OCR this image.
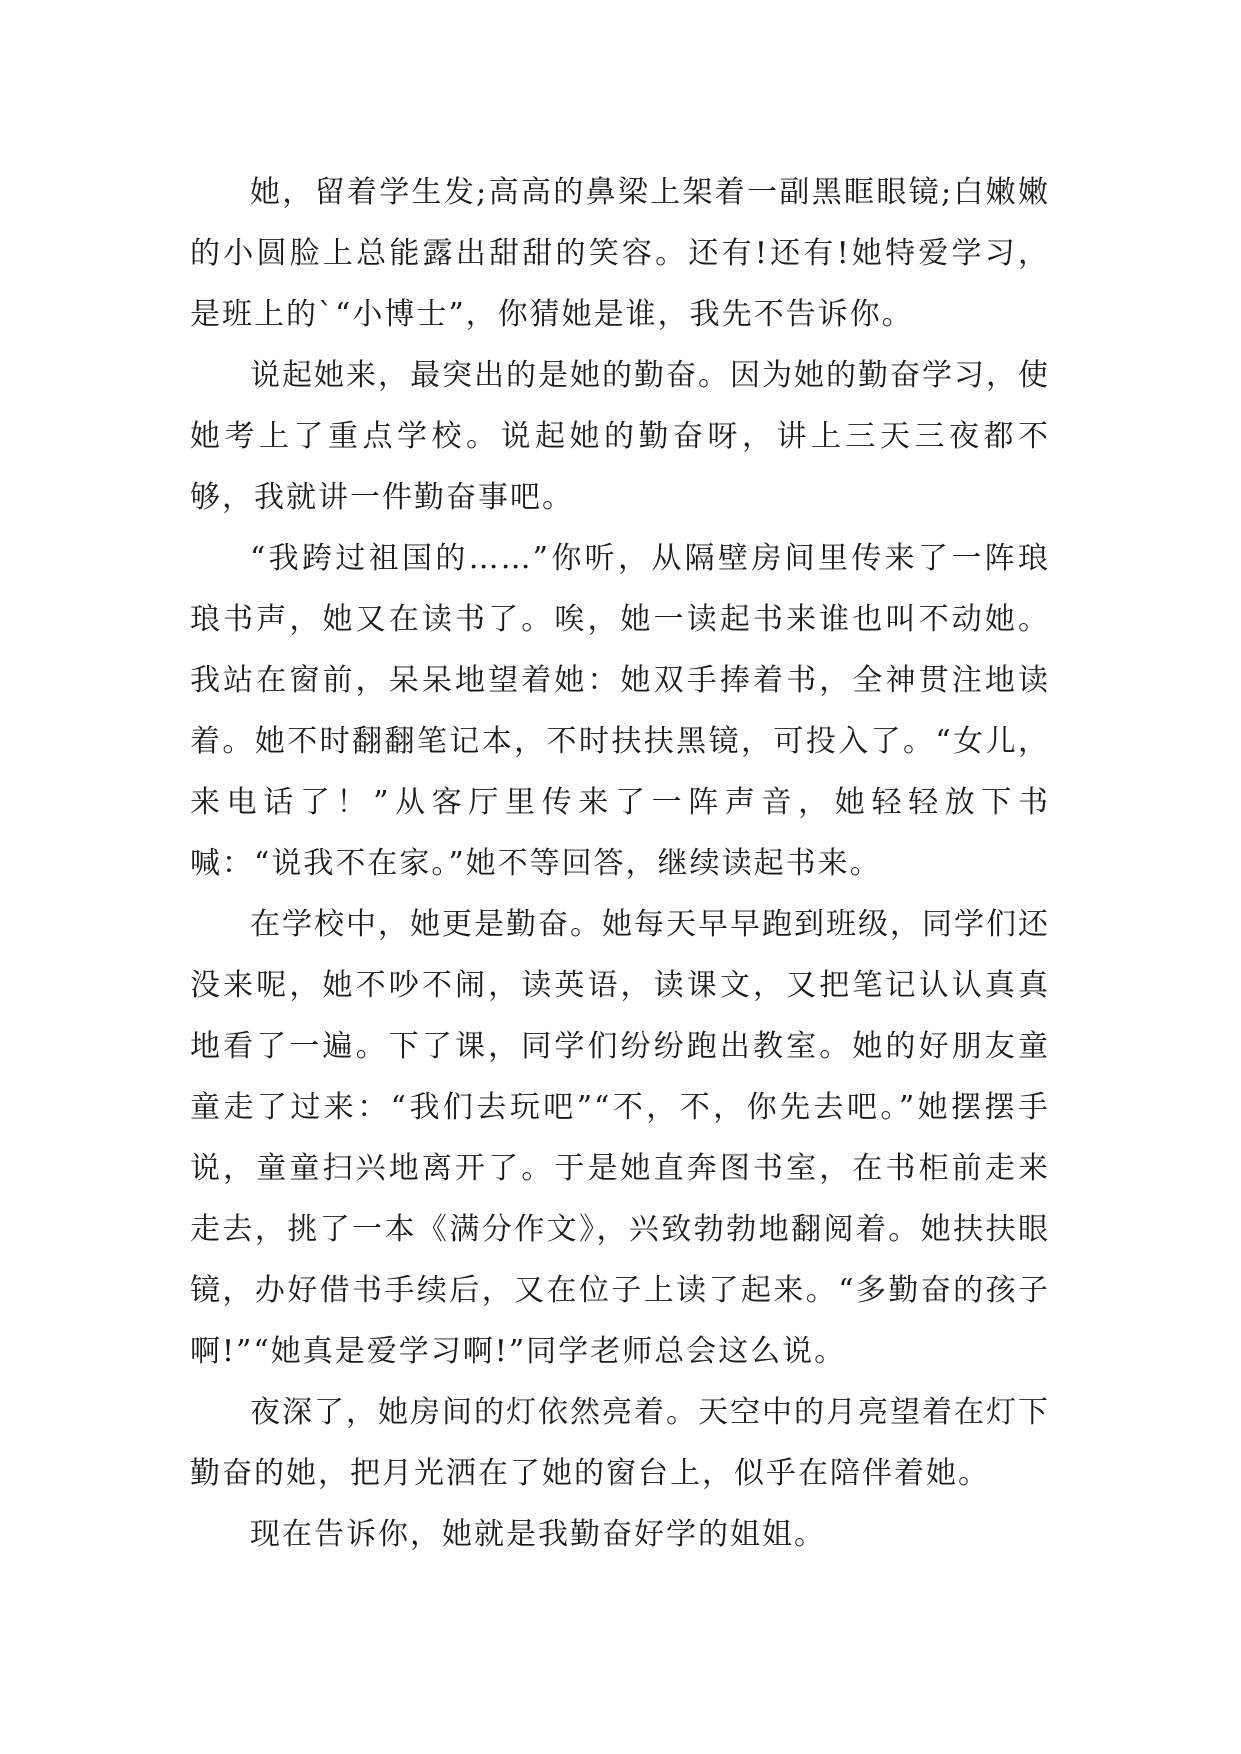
她，留着学生发;高高的鼻梁上架着一副黑眶眼镜;白嫩嫩的小圆脸上总能露出甜甜的笑容。还有!还有!她特爱学习，是班上的`“小博士”，你猜她是谁，我先不告诉你。

说起她来，最突出的是她的勤奋。因为她的勤奋学习，使她考上了重点学校。说起她的勤奋呀，讲上三天三夜都不够，我就讲一件勤奋事吧。

“我跨过祖国的……”你听，从隔壁房间里传来了一阵琅琅书声，她又在读书了。唉，她一读起书来谁也叫不动她。我站在窗前，呆呆地望着她：她双手捧着书，全神贯注地读着。她不时翻翻笔记本，不时扶扶黑镜，可投入了。“女儿，来电话了！”从客厅里传来了一阵声音，她轻轻放下书喊：“说我不在家。”她不等回答，继续读起书来。

在学校中，她更是勤奋。她每天早早跑到班级，同学们还没来呢，她不吵不闹，读英语，读课文，又把笔记认认真真地看了一遍。下了课，同学们纷纷跑出教室。她的好朋友童童走了过来：“我们去玩吧”“不，不，你先去吧。”她摆摆手说，童童扫兴地离开了。于是她直奔图书室，在书柜前走来走去，挑了一本《满分作文》，兴致勃勃地翻阅着。她扶扶眼镜，办好借书手续后，又在位子上读了起来。“多勤奋的孩子啊!”“她真是爱学习啊!”同学老师总会这么说。

夜深了，她房间的灯依然亮着。天空中的月亮望着在灯下勤奋的她，把月光洒在了她的窗台上，似乎在陪伴着她。

现在告诉你，她就是我勤奋好学的姐姐。
